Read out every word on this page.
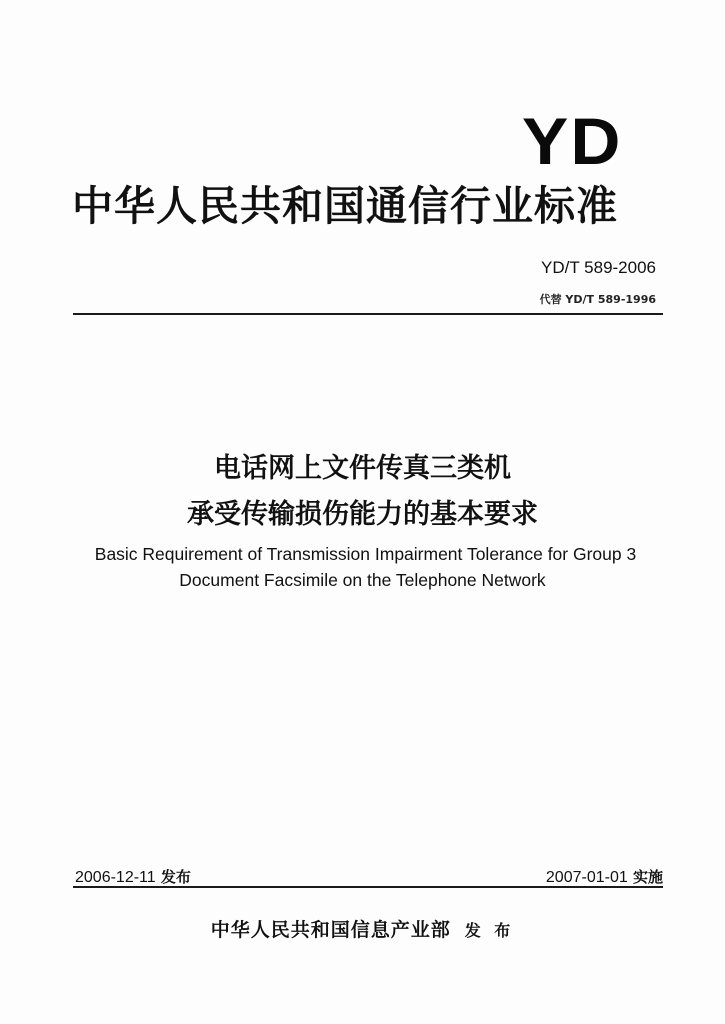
YD
中华人民共和国通信行业标准
YD/T 589-2006
代替 YD/T 589-1996
电话网上文件传真三类机
承受传输损伤能力的基本要求
Basic Requirement of Transmission Impairment Tolerance for Group 3
Document Facsimile on the Telephone Network
2006-12-11 发布	2007-01-01 实施
中华人民共和国信息产业部 发 布
